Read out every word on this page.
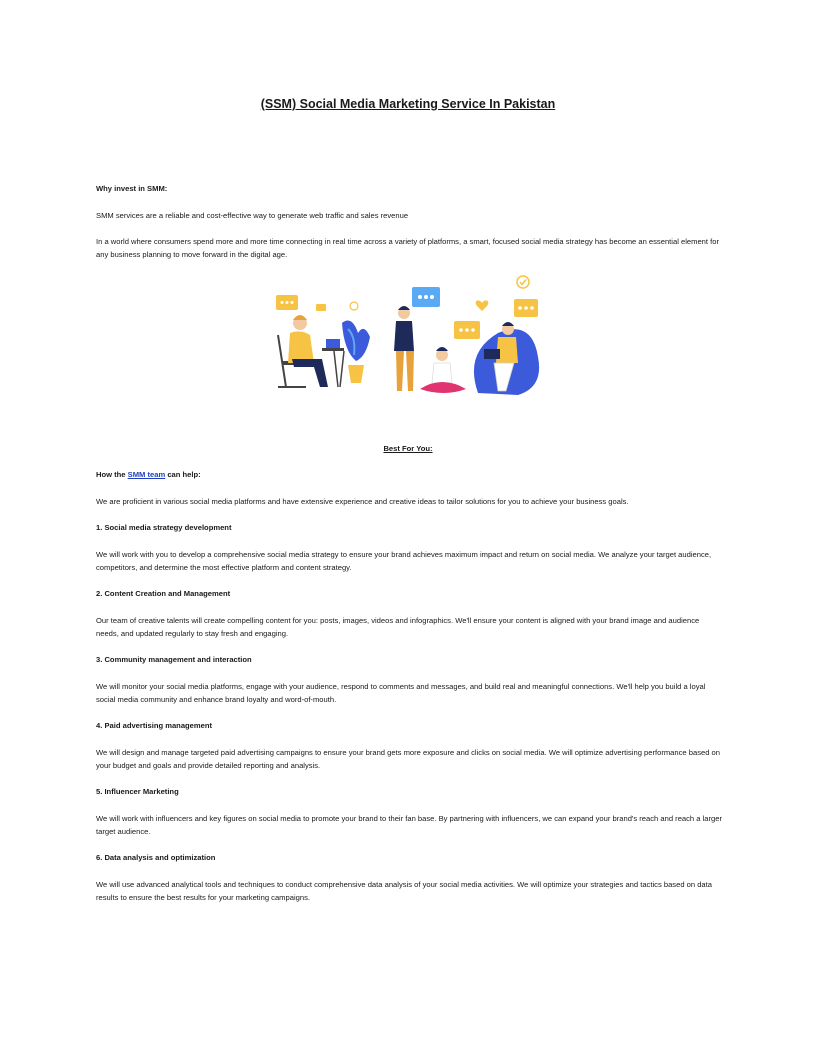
(SSM) Social Media Marketing Service In Pakistan
Why invest in SMM:
SMM services are a reliable and cost-effective way to generate web traffic and sales revenue
In a world where consumers spend more and more time connecting in real time across a variety of platforms, a smart, focused social media strategy has become an essential element for any business planning to move forward in the digital age.
Best For You:
How the SMM team can help:
We are proficient in various social media platforms and have extensive experience and creative ideas to tailor solutions for you to achieve your business goals.
1. Social media strategy development
We will work with you to develop a comprehensive social media strategy to ensure your brand achieves maximum impact and return on social media. We analyze your target audience, competitors, and determine the most effective platform and content strategy.
2. Content Creation and Management
Our team of creative talents will create compelling content for you: posts, images, videos and infographics. We'll ensure your content is aligned with your brand image and audience needs, and updated regularly to stay fresh and engaging.
3. Community management and interaction
We will monitor your social media platforms, engage with your audience, respond to comments and messages, and build real and meaningful connections. We'll help you build a loyal social media community and enhance brand loyalty and word-of-mouth.
4. Paid advertising management
We will design and manage targeted paid advertising campaigns to ensure your brand gets more exposure and clicks on social media. We will optimize advertising performance based on your budget and goals and provide detailed reporting and analysis.
5. Influencer Marketing
We will work with influencers and key figures on social media to promote your brand to their fan base. By partnering with influencers, we can expand your brand's reach and reach a larger target audience.
6. Data analysis and optimization
We will use advanced analytical tools and techniques to conduct comprehensive data analysis of your social media activities. We will optimize your strategies and tactics based on data results to ensure the best results for your marketing campaigns.
